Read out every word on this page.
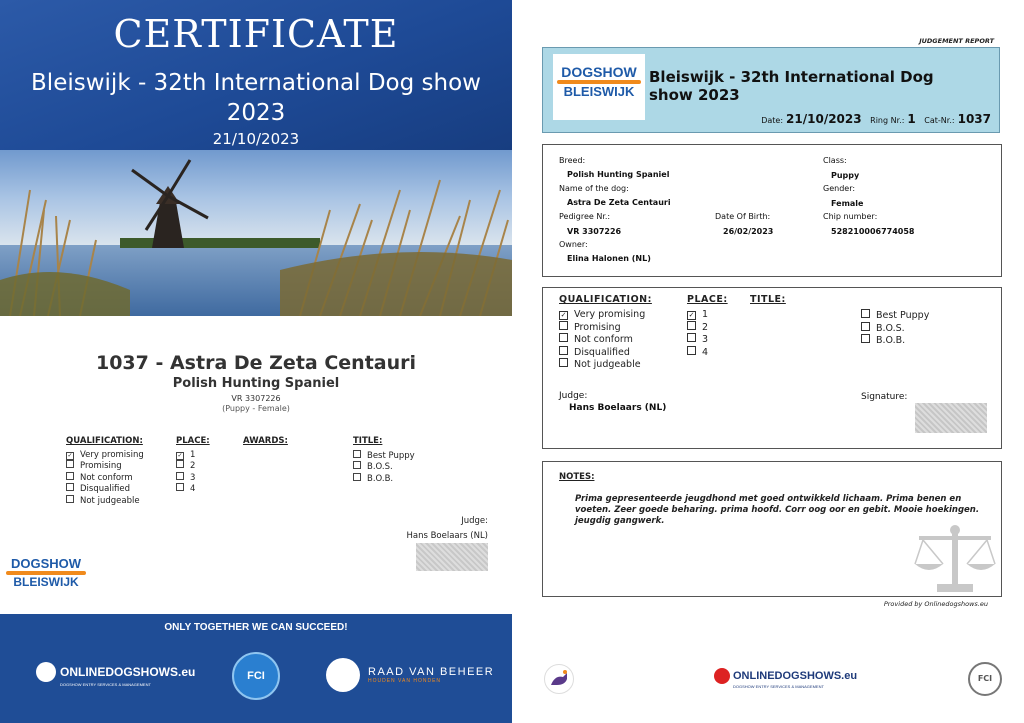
CERTIFICATE
Bleiswijk - 32th International Dog show 2023
21/10/2023
1037 - Astra De Zeta Centauri
Polish Hunting Spaniel
VR 3307226
(Puppy - Female)
QUALIFICATION:
✓ Very promising
Promising
Not conform
Disqualified
Not judgeable
PLACE:
✓ 1
2
3
4
AWARDS:	TITLE:
Best Puppy
B.O.S.
B.O.B.
Judge:
Hans Boelaars (NL)
DOGSHOW
BLEISWIJK
ONLY TOGETHER WE CAN SUCCEED!
ONLINEDOGSHOWS.eu
DOGSHOW ENTRY SERVICES & MANAGEMENT
FCI	RAAD VAN BEHEER
HOUDEN VAN HONDEN
JUDGEMENT REPORT
DOGSHOW
BLEISWIJK
Bleiswijk - 32th International Dog show 2023
Date: 21/10/2023 Ring Nr.: 1 Cat-Nr.: 1037
Breed:
Polish Hunting Spaniel
Name of the dog:
Astra De Zeta Centauri
Pedigree Nr.:
VR 3307226
Owner:
Elina Halonen (NL)
Date Of Birth:
26/02/2023
Class:
Puppy
Gender:
Female
Chip number:
528210006774058
QUALIFICATION:	PLACE: TITLE:
✓ Very promising
Promising
Not conform
Disqualified
Not judgeable
✓ 1
2
3
4
Best Puppy
B.O.S.
B.O.B.
Judge:
Hans Boelaars (NL)
Signature:
NOTES:
Prima gepresenteerde jeugdhond met goed ontwikkeld lichaam. Prima benen en voeten. Zeer goede beharing. prima hoofd. Corr oog oor en gebit. Mooie hoekingen. jeugdig gangwerk.
Provided by Onlinedogshows.eu
ONLINEDOGSHOWS.eu
DOGSHOW ENTRY SERVICES & MANAGEMENT
FCI
